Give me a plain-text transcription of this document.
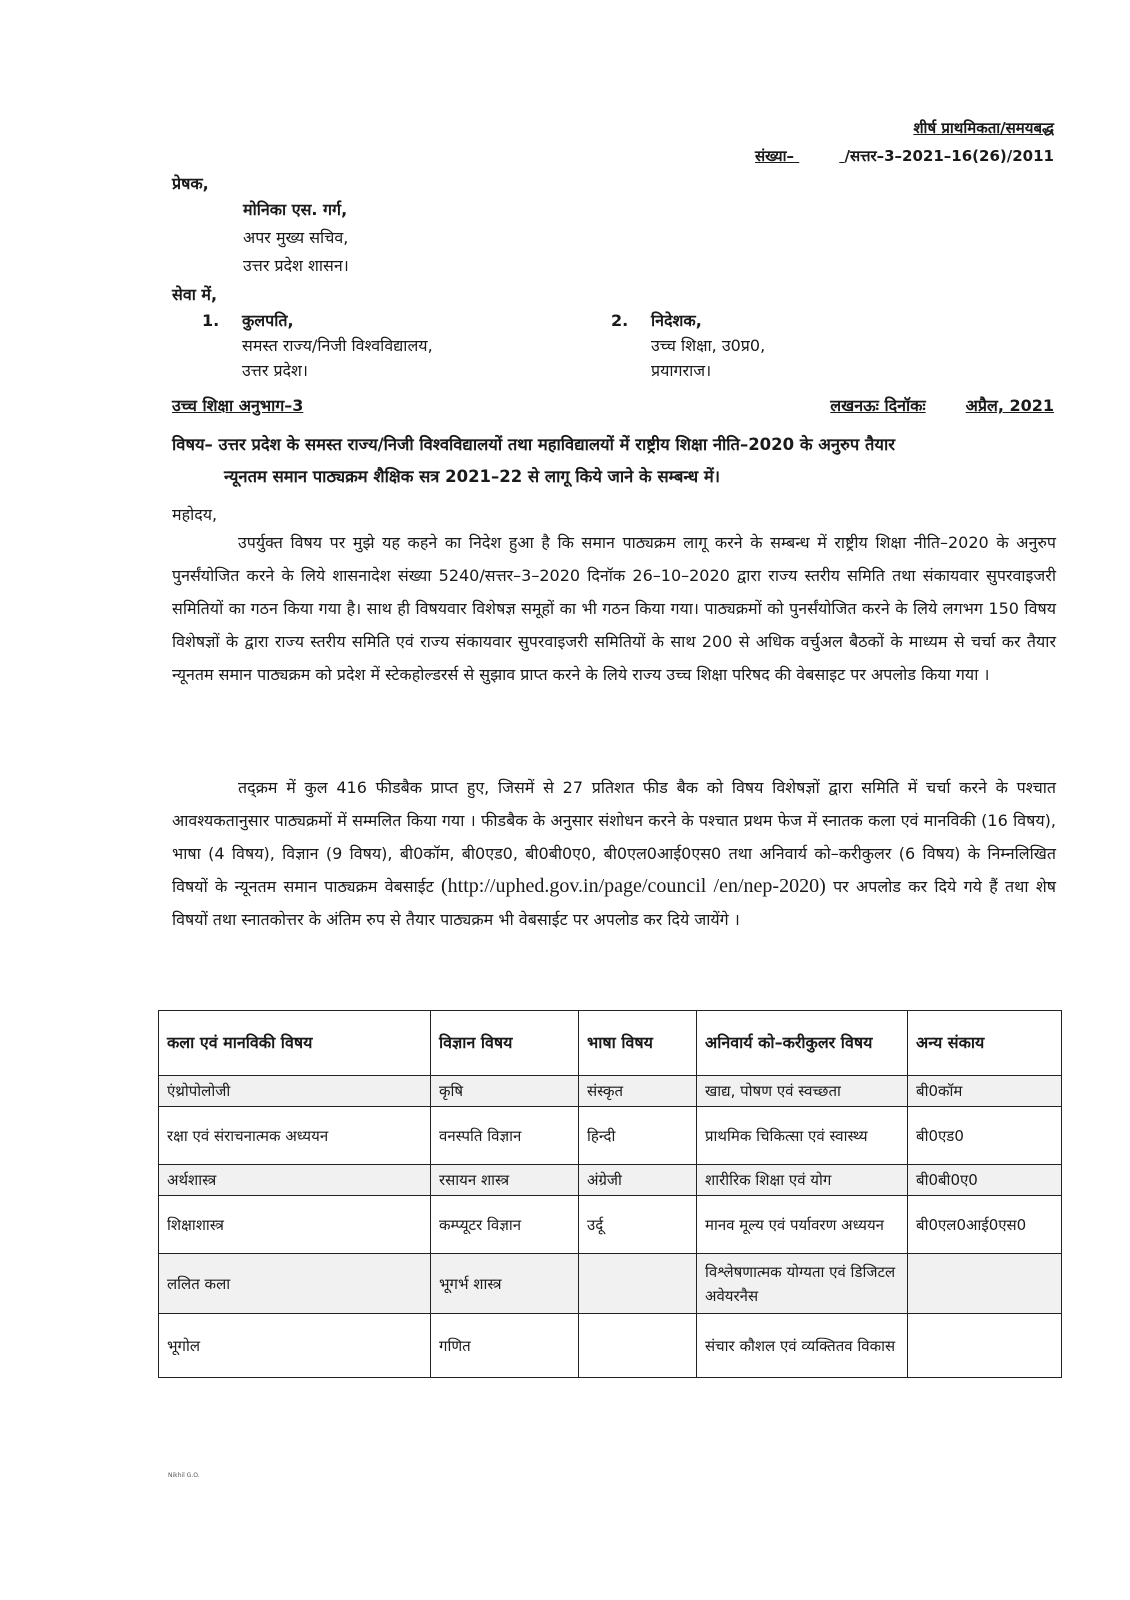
शीर्ष प्राथमिकता/समयबद्ध
संख्या–	/सत्तर–3–2021–16(26)/2011
प्रेषक,
मोनिका एस. गर्ग,
अपर मुख्य सचिव,
उत्तर प्रदेश शासन।
सेवा में,
1. कुलपति,
समस्त राज्य/निजी विश्वविद्यालय,
उत्तर प्रदेश।
2. निदेशक,
उच्च शिक्षा, उ0प्र0,
प्रयागराज।
उच्च शिक्षा अनुभाग–3	लखनऊः दिनॉकः	अप्रैल, 2021
विषय– उत्तर प्रदेश के समस्त राज्य/निजी विश्वविद्यालयों तथा महाविद्यालयों में राष्ट्रीय शिक्षा नीति–2020 के अनुरुप तैयार
न्यूनतम समान पाठ्यक्रम शैक्षिक सत्र 2021–22 से लागू किये जाने के सम्बन्ध में।
महोदय,
उपर्युक्त विषय पर मुझे यह कहने का निदेश हुआ है कि समान पाठ्यक्रम लागू करने के सम्बन्ध में राष्ट्रीय शिक्षा नीति–2020 के अनुरुप पुनर्संयोजित करने के लिये शासनादेश संख्या 5240/सत्तर–3–2020 दिनॉक 26–10–2020 द्वारा राज्य स्तरीय समिति तथा संकायवार सुपरवाइजरी समितियों का गठन किया गया है। साथ ही विषयवार विशेषज्ञ समूहों का भी गठन किया गया। पाठ्यक्रमों को पुनर्संयोजित करने के लिये लगभग 150 विषय विशेषज्ञों के द्वारा राज्य स्तरीय समिति एवं राज्य संकायवार सुपरवाइजरी समितियों के साथ 200 से अधिक वर्चुअल बैठकों के माध्यम से चर्चा कर तैयार न्यूनतम समान पाठ्यक्रम को प्रदेश में स्टेकहोल्डरर्स से सुझाव प्राप्त करने के लिये राज्य उच्च शिक्षा परिषद की वेबसाइट पर अपलोड किया गया ।
तद्क्रम में कुल 416 फीडबैक प्राप्त हुए, जिसमें से 27 प्रतिशत फीड बैक को विषय विशेषज्ञों द्वारा समिति में चर्चा करने के पश्चात आवश्यकतानुसार पाठ्यक्रमों में सम्मलित किया गया । फीडबैक के अनुसार संशोधन करने के पश्चात प्रथम फेज में स्नातक कला एवं मानविकी (16 विषय), भाषा (4 विषय), विज्ञान (9 विषय), बी0कॉम, बी0एड0, बी0बी0ए0, बी0एल0आई0एस0 तथा अनिवार्य को–करीकुलर (6 विषय) के निम्नलिखित विषयों के न्यूनतम समान पाठ्यक्रम वेबसाईट (http://uphed.gov.in/page/council /en/nep-2020) पर अपलोड कर दिये गये हैं तथा शेष विषयों तथा स्नातकोत्तर के अंतिम रुप से तैयार पाठ्यक्रम भी वेबसाईट पर अपलोड कर दिये जायेंगे ।
कला एवं मानविकी विषय	विज्ञान विषय	भाषा विषय	अनिवार्य को–करीकुलर विषय	अन्य संकाय
एंथ्रोपोलोजी	कृषि	संस्कृत	खाद्य, पोषण एवं स्वच्छता	बी0कॉम
रक्षा एवं संराचनात्मक अध्ययन	वनस्पति विज्ञान	हिन्दी	प्राथमिक चिकित्सा एवं स्वास्थ्य	बी0एड0
अर्थशास्त्र	रसायन शास्त्र	अंग्रेजी	शारीरिक शिक्षा एवं योग	बी0बी0ए0
शिक्षाशास्त्र	कम्प्यूटर विज्ञान	उर्दू	मानव मूल्य एवं पर्यावरण अध्ययन	बी0एल0आई0एस0
ललित कला	भूगर्भ शास्त्र		विश्लेषणात्मक योग्यता एवं डिजिटल अवेयरनैस	
भूगोल	गणित		संचार कौशल एवं व्यक्तितव विकास	
Nikhil G.O.
